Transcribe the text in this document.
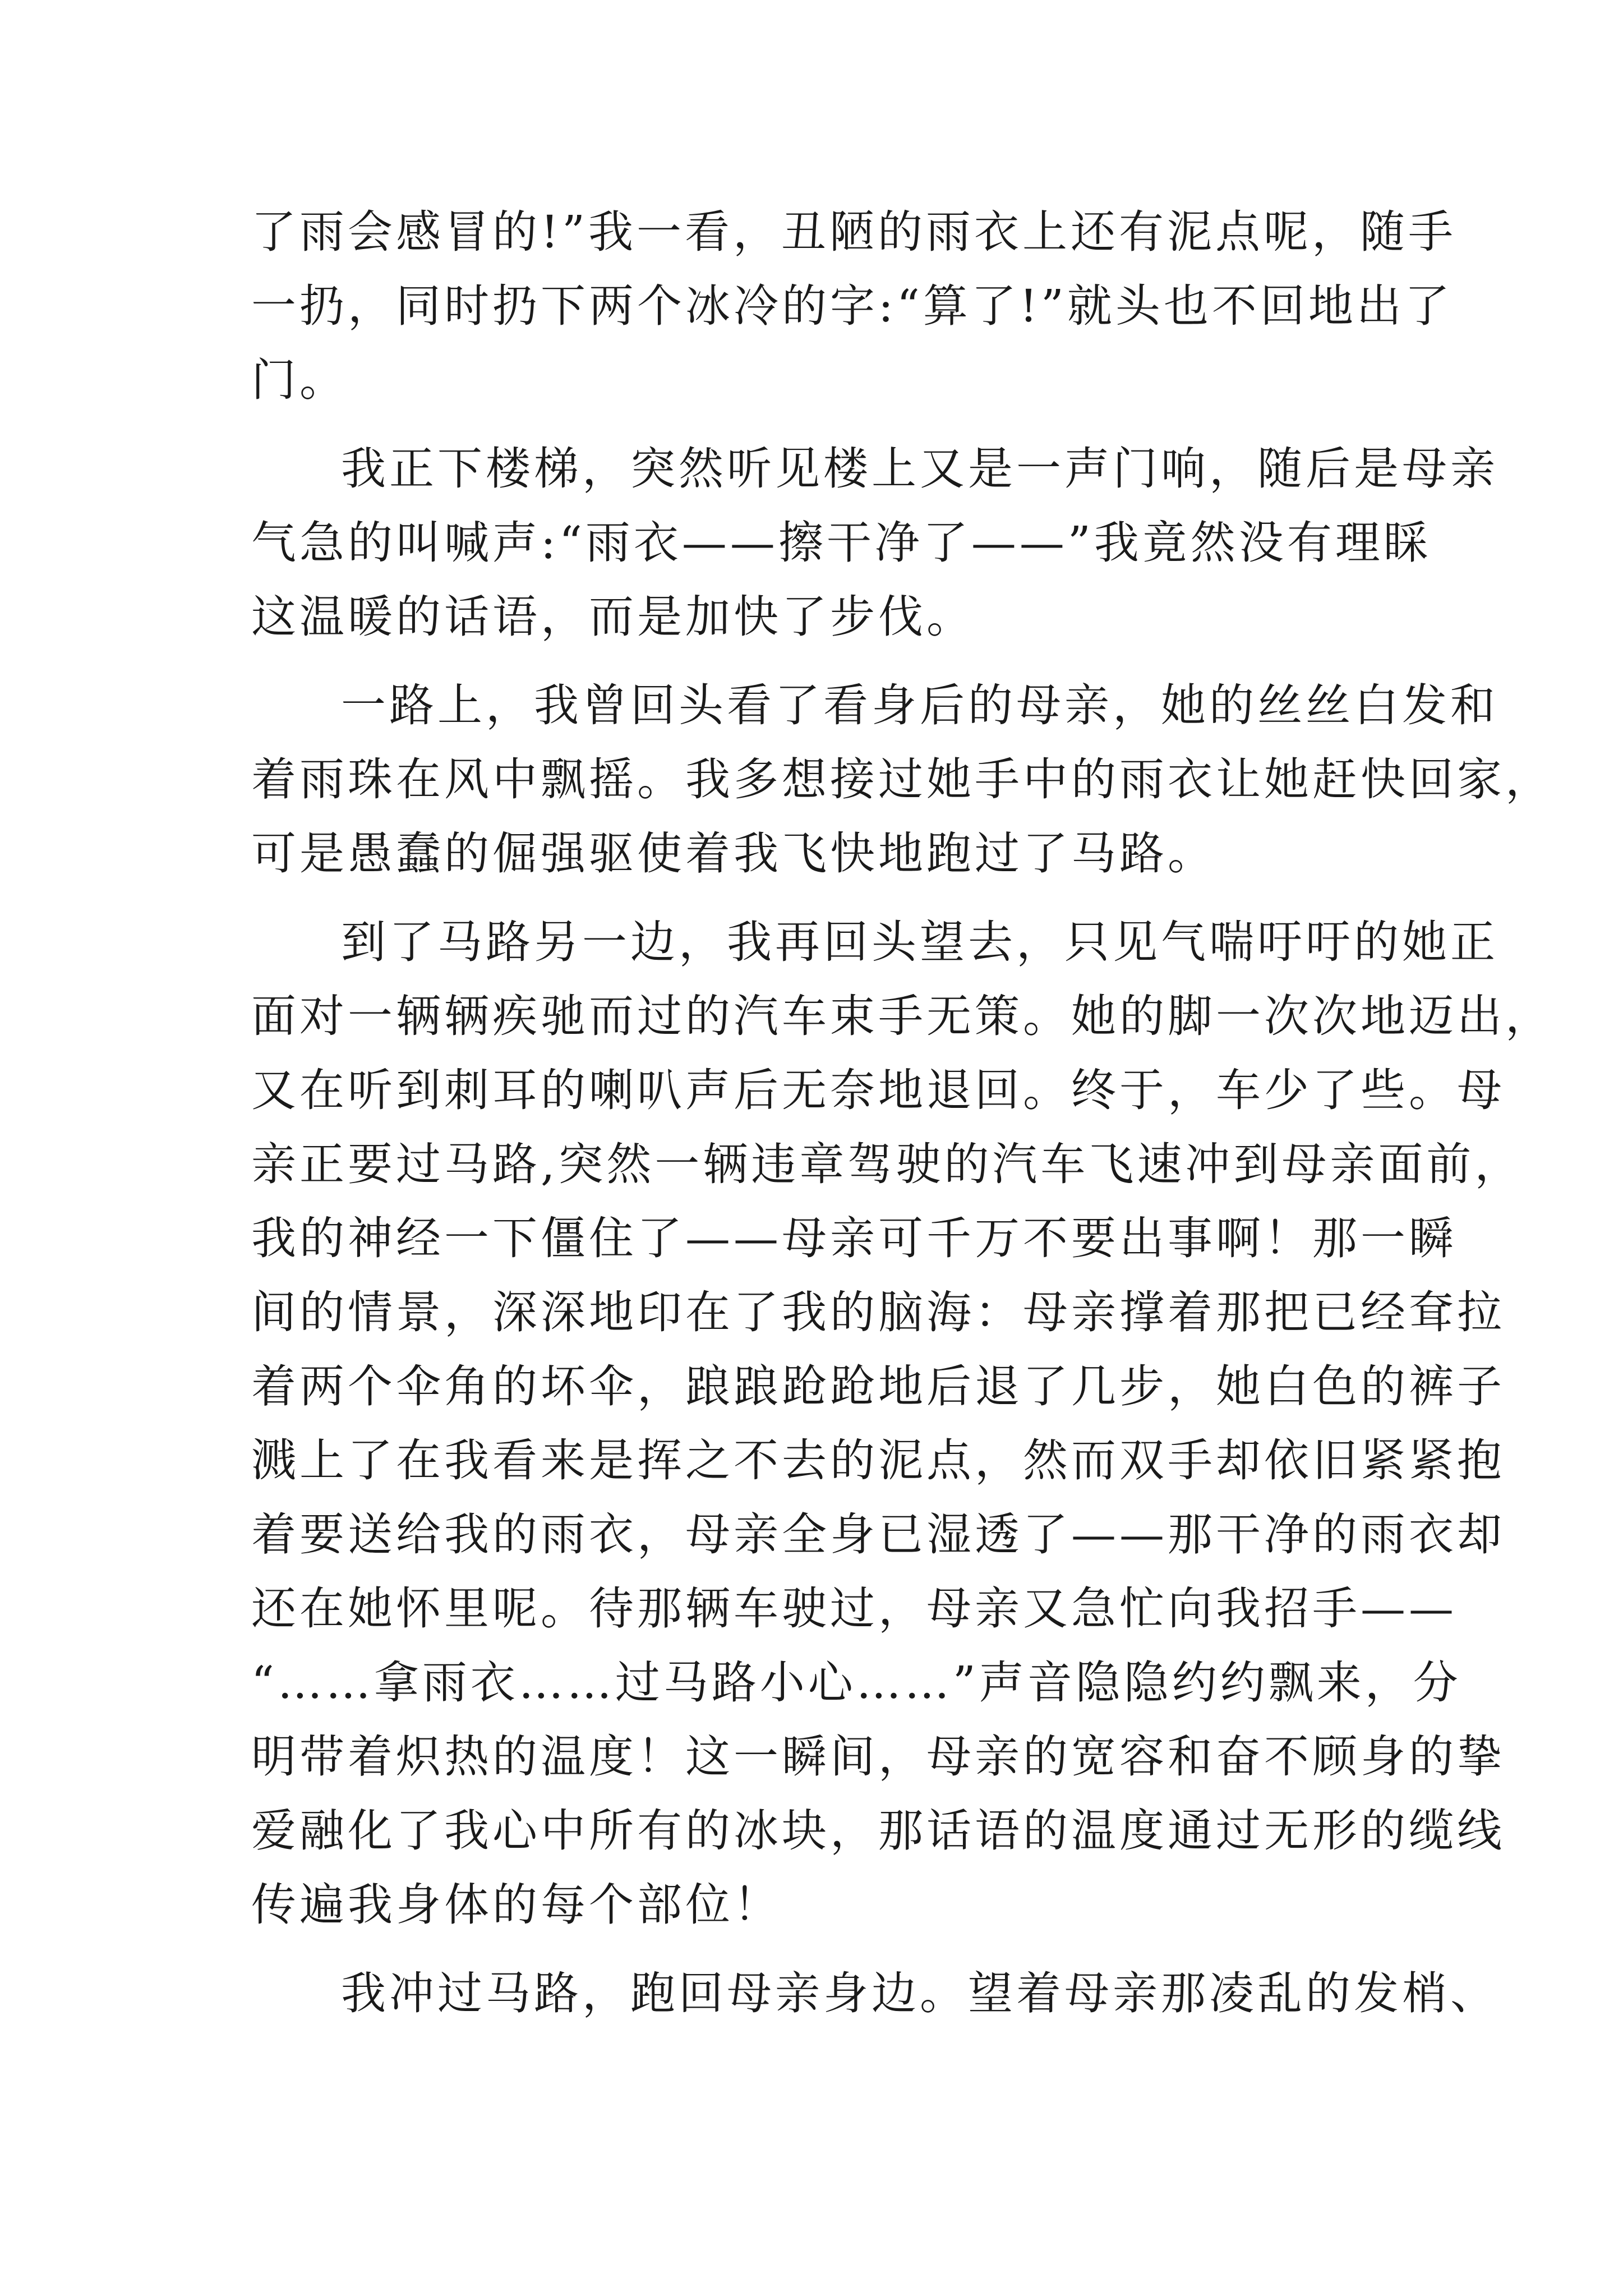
了雨会感冒的!”我一看，丑陋的雨衣上还有泥点呢，随手
一扔，同时扔下两个冰冷的字:“算了!”就头也不回地出了
门。
我正下楼梯，突然听见楼上又是一声门响，随后是母亲
气急的叫喊声:“雨衣——擦干净了——”我竟然没有理睬
这温暖的话语，而是加快了步伐。
一路上，我曾回头看了看身后的母亲，她的丝丝白发和
着雨珠在风中飘摇。我多想接过她手中的雨衣让她赶快回家，
可是愚蠢的倔强驱使着我飞快地跑过了马路。
到了马路另一边，我再回头望去，只见气喘吁吁的她正
面对一辆辆疾驰而过的汽车束手无策。她的脚一次次地迈出，
又在听到刺耳的喇叭声后无奈地退回。终于，车少了些。母
亲正要过马路,突然一辆违章驾驶的汽车飞速冲到母亲面前，
我的神经一下僵住了——母亲可千万不要出事啊！那一瞬
间的情景，深深地印在了我的脑海：母亲撑着那把已经耷拉
着两个伞角的坏伞，踉踉跄跄地后退了几步，她白色的裤子
溅上了在我看来是挥之不去的泥点，然而双手却依旧紧紧抱
着要送给我的雨衣，母亲全身已湿透了——那干净的雨衣却
还在她怀里呢。待那辆车驶过，母亲又急忙向我招手——
“……拿雨衣……过马路小心……”声音隐隐约约飘来，分
明带着炽热的温度！这一瞬间，母亲的宽容和奋不顾身的挚
爱融化了我心中所有的冰块，那话语的温度通过无形的缆线
传遍我身体的每个部位！
我冲过马路，跑回母亲身边。望着母亲那凌乱的发梢、
